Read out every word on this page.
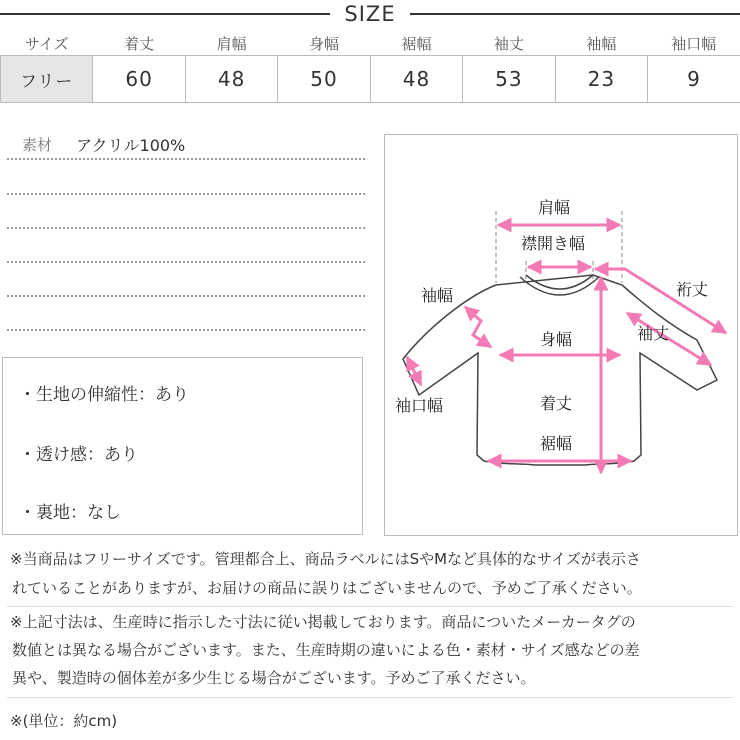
SIZE
サイズ	着丈	肩幅	身幅	裾幅	袖丈	袖幅	袖口幅
フリー	60	48	50	48	53	23	9
素材 アクリル100%
・生地の伸縮性：あり
・透け感：あり
・裏地：なし
肩幅
襟開き幅
裄丈
袖幅
袖丈
身幅
袖口幅	着丈
裾幅
※当商品はフリーサイズです。管理都合上、商品ラベルにはSやMなど具体的なサイズが表示さ
れていることがありますが、お届けの商品に誤りはございませんので、予めご了承ください。
※上記寸法は、生産時に指示した寸法に従い掲載しております。商品についたメーカータグの
数値とは異なる場合がございます。また、生産時期の違いによる色・素材・サイズ感などの差
異や、製造時の個体差が多少生じる場合がございます。予めご了承ください。
※(単位：約cm)
